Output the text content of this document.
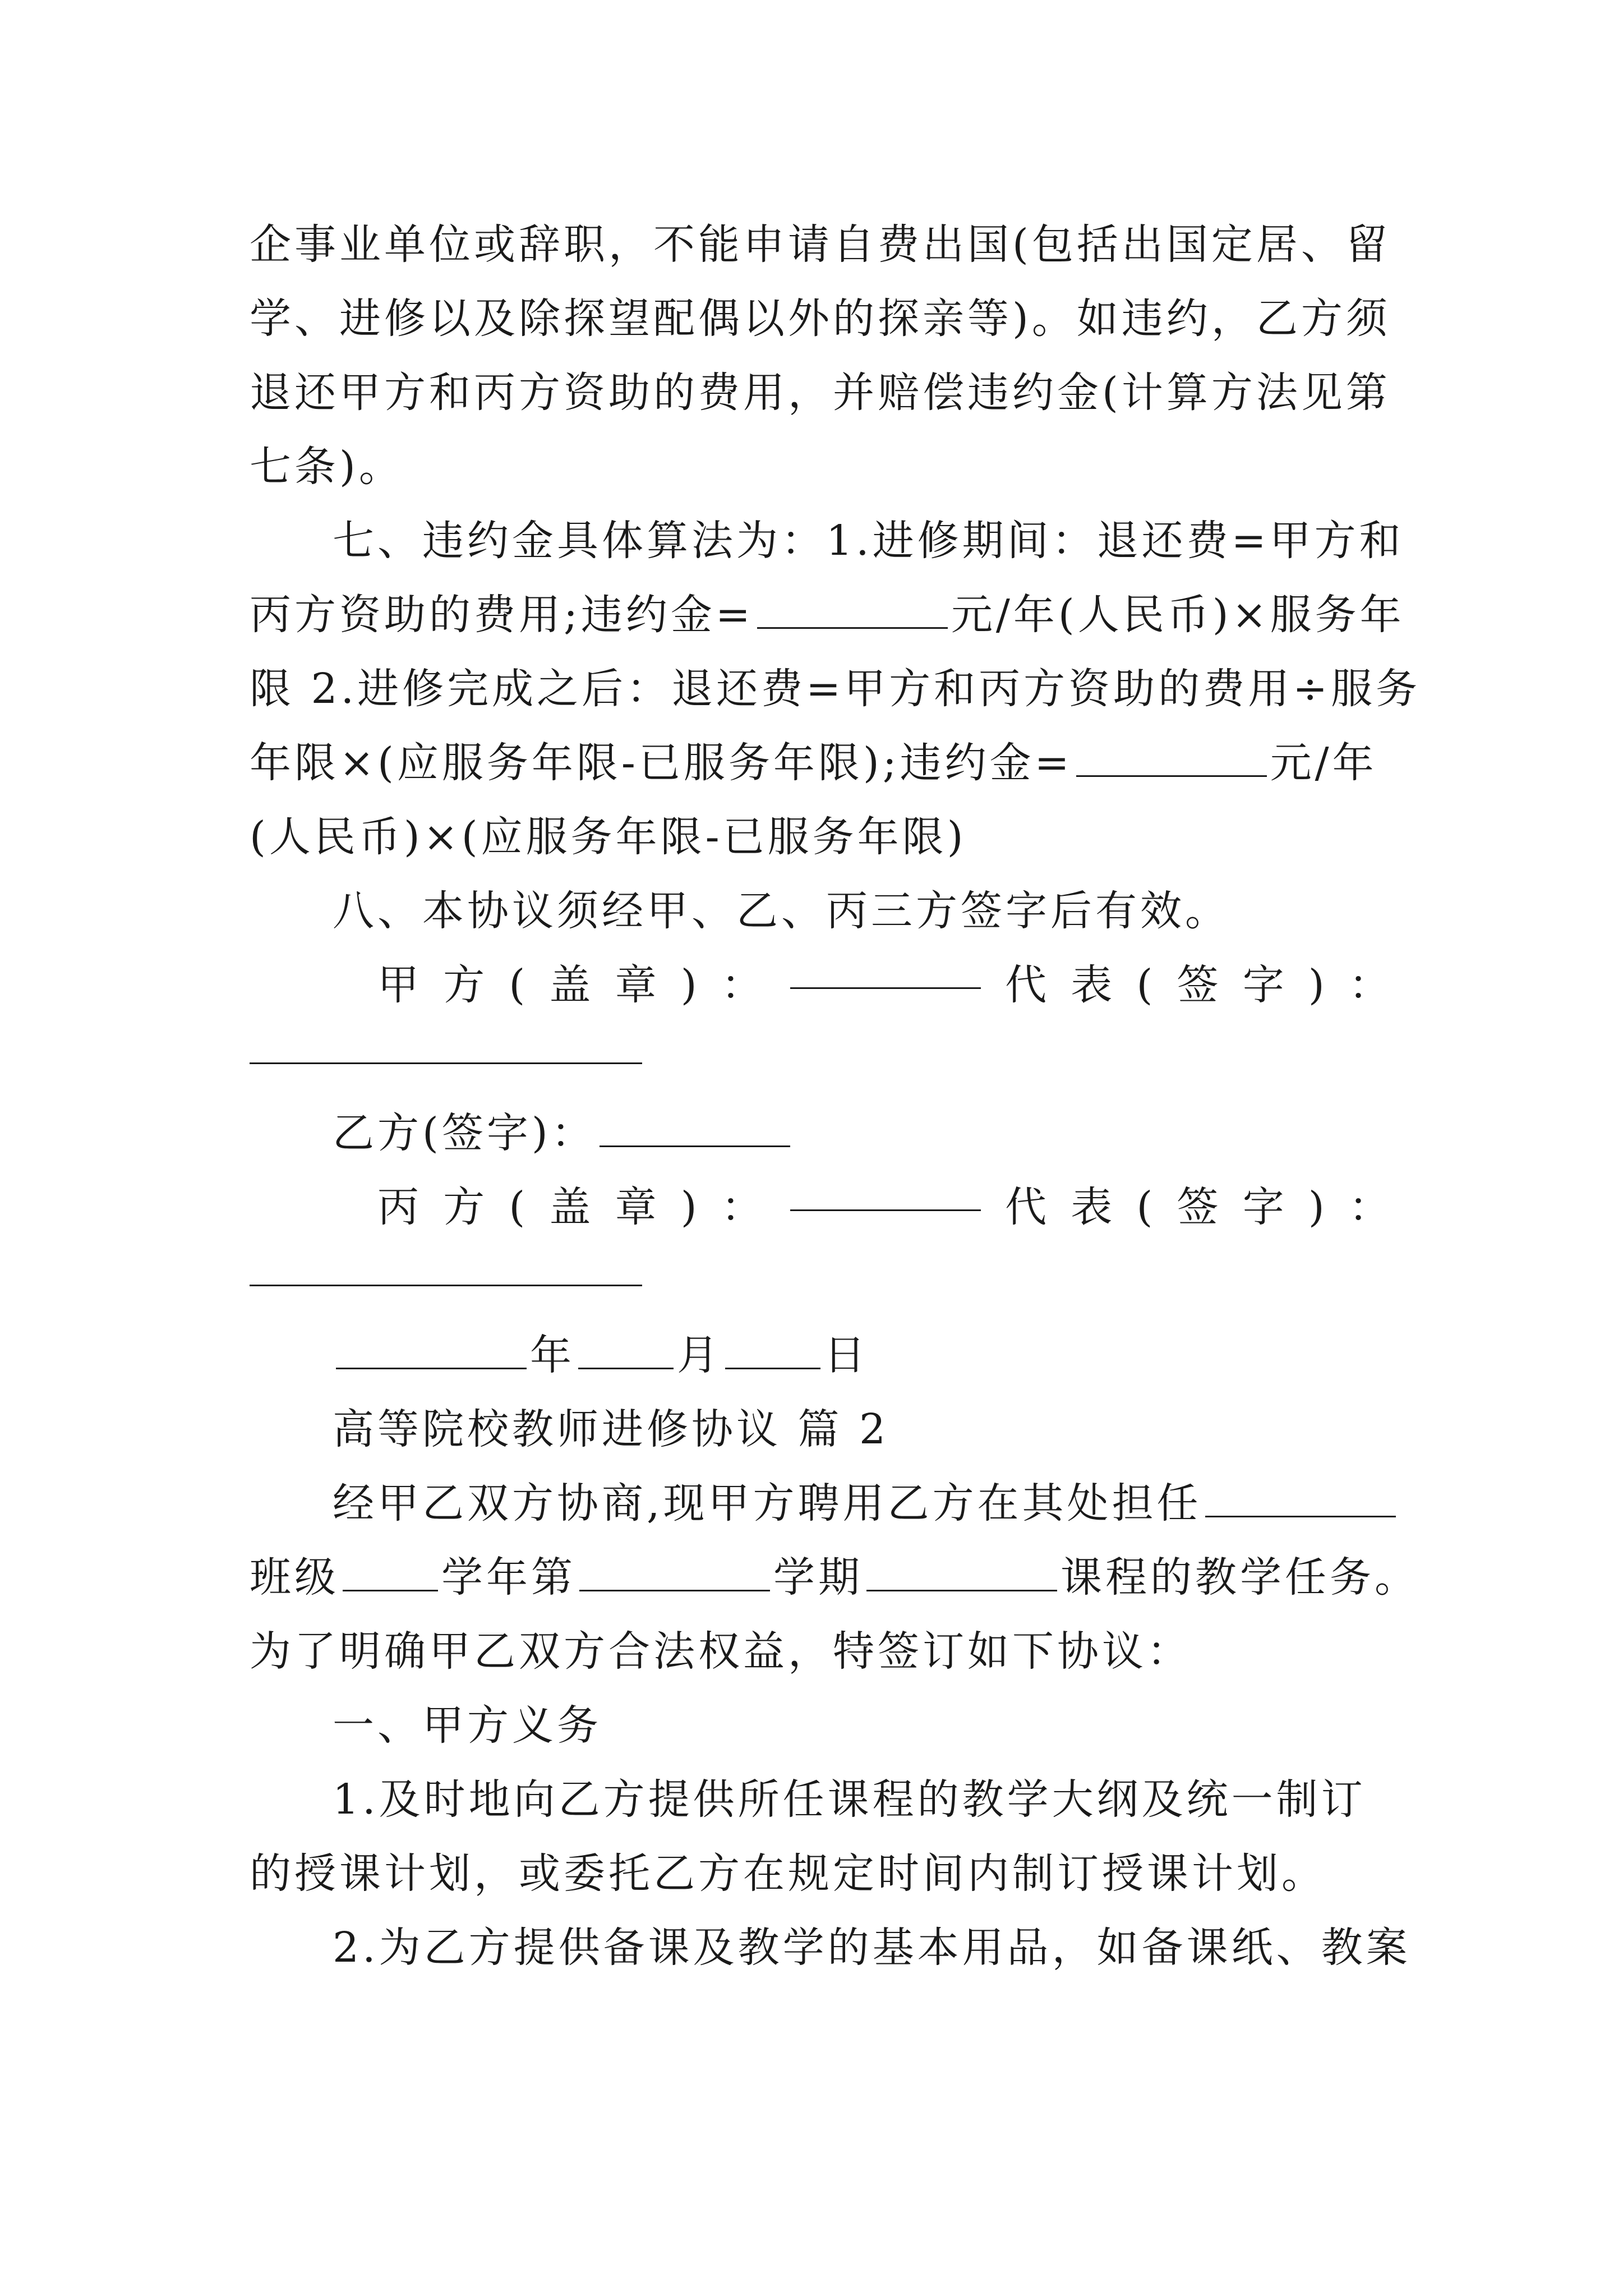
企事业单位或辞职，不能申请自费出国(包括出国定居、留
学、进修以及除探望配偶以外的探亲等)。如违约，乙方须
退还甲方和丙方资助的费用，并赔偿违约金(计算方法见第
七条)。
七、违约金具体算法为：1.进修期间：退还费=甲方和
丙方资助的费用;违约金=	元/年(人民币)×服务年
限 2.进修完成之后：退还费=甲方和丙方资助的费用÷服务
年限×(应服务年限-已服务年限);违约金=	元/年
(人民币)×(应服务年限-已服务年限)
八、本协议须经甲、乙、丙三方签字后有效。
甲 方 ( 盖 章 ) ：	代 表 ( 签 字 ) ：
乙方(签字)：
丙 方 ( 盖 章 ) ：	代 表 ( 签 字 ) ：
年 月 日
高等院校教师进修协议 篇 2
经甲乙双方协商,现甲方聘用乙方在其处担任
班级 学年第	学期	课程的教学任务。
为了明确甲乙双方合法权益，特签订如下协议：
一、甲方义务
1.及时地向乙方提供所任课程的教学大纲及统一制订
的授课计划，或委托乙方在规定时间内制订授课计划。
2.为乙方提供备课及教学的基本用品，如备课纸、教案
